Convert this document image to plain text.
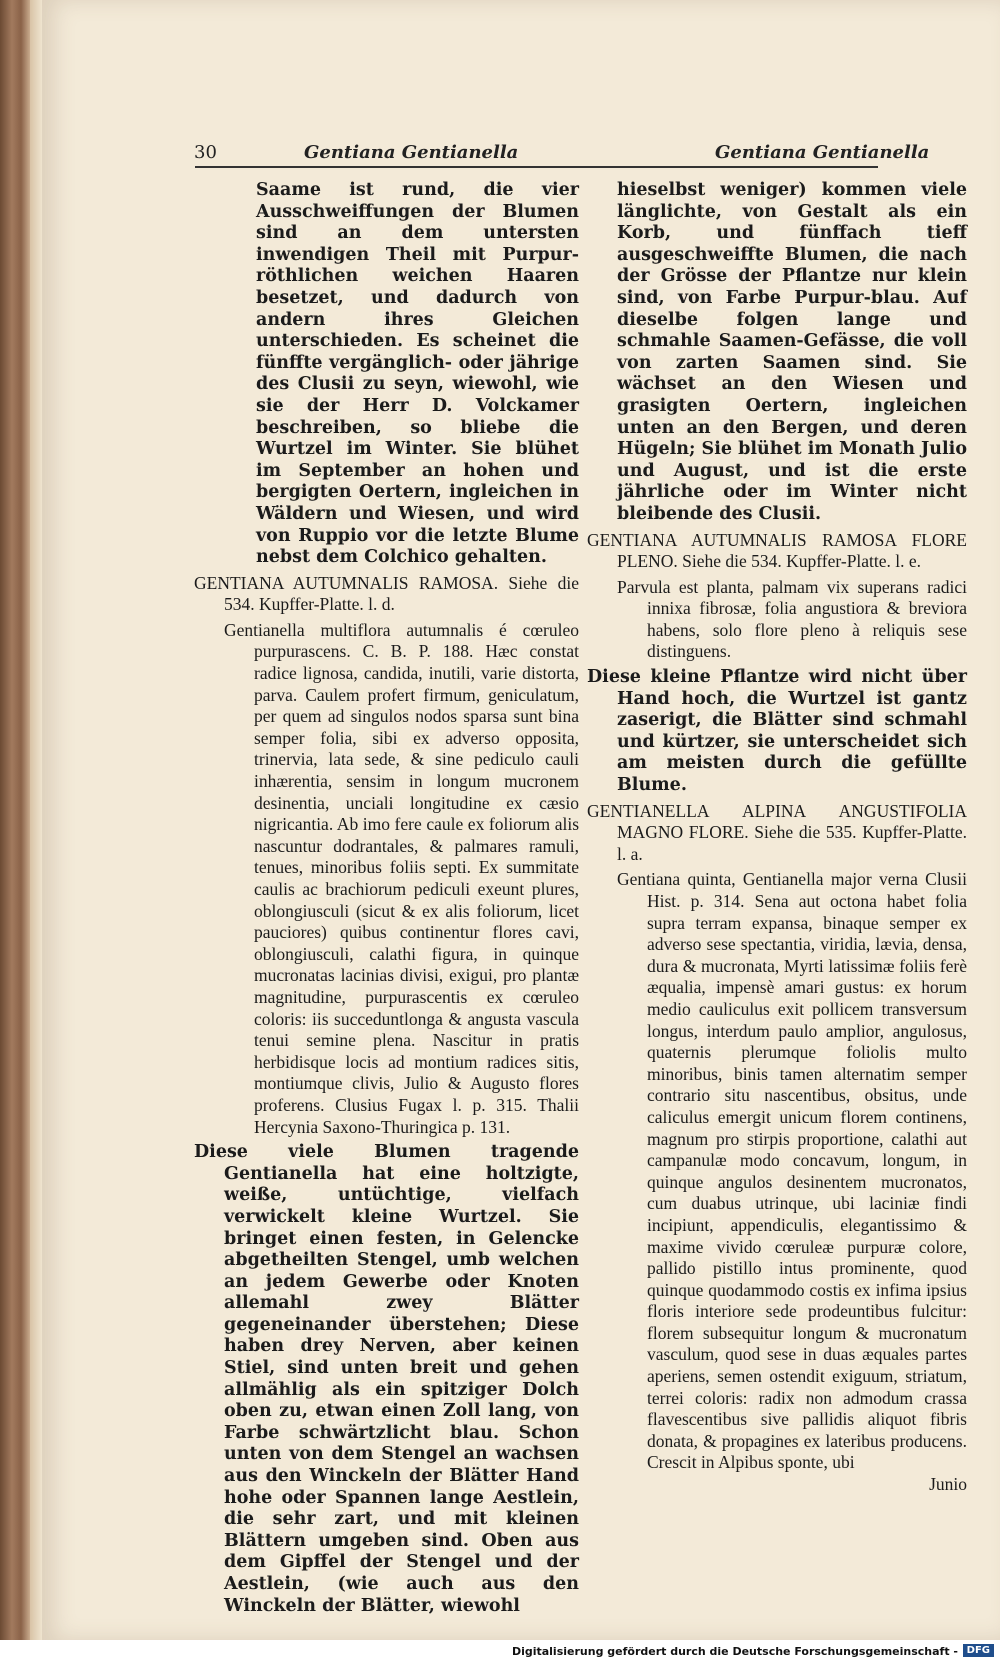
30	Gentiana Gentianella	Gentiana Gentianella

Saame ist rund, die vier Ausschweiffungen der Blumen sind an dem untersten inwendigen Theil mit Purpur-röthlichen weichen Haaren besetzet, und dadurch von andern ihres Gleichen unterschieden. Es scheinet die fünffte vergänglich- oder jährige des Clusii zu seyn, wiewohl, wie sie der Herr D. Volckamer beschreiben, so bliebe die Wurtzel im Winter. Sie blühet im September an hohen und bergigten Oertern, ingleichen in Wäldern und Wiesen, und wird von Ruppio vor die letzte Blume nebst dem Colchico gehalten.

GENTIANA AUTUMNALIS RAMOSA. Siehe die 534. Kupffer-Platte. l. d.

Gentianella multiflora autumnalis é cœruleo purpurascens. C. B. P. 188. Hæc constat radice lignosa, candida, inutili, varie distorta, parva. Caulem profert firmum, geniculatum, per quem ad singulos nodos sparsa sunt bina semper folia, sibi ex adverso opposita, trinervia, lata sede, & sine pediculo cauli inhærentia, sensim in longum mucronem desinentia, unciali longitudine ex cæsio nigricantia. Ab imo fere caule ex foliorum alis nascuntur dodrantales, & palmares ramuli, tenues, minoribus foliis septi. Ex summitate caulis ac brachiorum pediculi exeunt plures, oblongiusculi (sicut & ex alis foliorum, licet pauciores) quibus continentur flores cavi, oblongiusculi, calathi figura, in quinque mucronatas lacinias divisi, exigui, pro plantæ magnitudine, purpurascentis ex cœruleo coloris: iis succeduntlonga & angusta vascula tenui semine plena. Nascitur in pratis herbidisque locis ad montium radices sitis, montiumque clivis, Julio & Augusto flores proferens. Clusius Fugax l. p. 315. Thalii Hercynia Saxono-Thuringica p. 131.

Diese viele Blumen tragende Gentianella hat eine holtzigte, weiße, untüchtige, vielfach verwickelt kleine Wurtzel. Sie bringet einen festen, in Gelencke abgetheilten Stengel, umb welchen an jedem Gewerbe oder Knoten allemahl zwey Blätter gegeneinander überstehen; Diese haben drey Nerven, aber keinen Stiel, sind unten breit und gehen allmählig als ein spitziger Dolch oben zu, etwan einen Zoll lang, von Farbe schwärtzlicht blau. Schon unten von dem Stengel an wachsen aus den Winckeln der Blätter Hand hohe oder Spannen lange Aestlein, die sehr zart, und mit kleinen Blättern umgeben sind. Oben aus dem Gipffel der Stengel und der Aestlein, (wie auch aus den Winckeln der Blätter, wiewohl

hieselbst weniger) kommen viele länglichte, von Gestalt als ein Korb, und fünffach tieff ausgeschweiffte Blumen, die nach der Grösse der Pflantze nur klein sind, von Farbe Purpur-blau. Auf dieselbe folgen lange und schmahle Saamen-Gefässe, die voll von zarten Saamen sind. Sie wächset an den Wiesen und grasigten Oertern, ingleichen unten an den Bergen, und deren Hügeln; Sie blühet im Monath Julio und August, und ist die erste jährliche oder im Winter nicht bleibende des Clusii.

GENTIANA AUTUMNALIS RAMOSA FLORE PLENO. Siehe die 534. Kupffer-Platte. l. e.

Parvula est planta, palmam vix superans radici innixa fibrosæ, folia angustiora & breviora habens, solo flore pleno à reliquis sese distinguens.

Diese kleine Pflantze wird nicht über Hand hoch, die Wurtzel ist gantz zaserigt, die Blätter sind schmahl und kürtzer, sie unterscheidet sich am meisten durch die gefüllte Blume.

GENTIANELLA ALPINA ANGUSTIFOLIA MAGNO FLORE. Siehe die 535. Kupffer-Platte. l. a.

Gentiana quinta, Gentianella major verna Clusii Hist. p. 314. Sena aut octona habet folia supra terram expansa, binaque semper ex adverso sese spectantia, viridia, lævia, densa, dura & mucronata, Myrti latissimæ foliis ferè æqualia, impensè amari gustus: ex horum medio cauliculus exit pollicem transversum longus, interdum paulo amplior, angulosus, quaternis plerumque foliolis multo minoribus, binis tamen alternatim semper contrario situ nascentibus, obsitus, unde caliculus emergit unicum florem continens, magnum pro stirpis proportione, calathi aut campanulæ modo concavum, longum, in quinque angulos desinentem mucronatos, cum duabus utrinque, ubi laciniæ findi incipiunt, appendiculis, elegantissimo & maxime vivido cœruleæ purpuræ colore, pallido pistillo intus prominente, quod quinque quodammodo costis ex infima ipsius floris interiore sede prodeuntibus fulcitur: florem subsequitur longum & mucronatum vasculum, quod sese in duas æquales partes aperiens, semen ostendit exiguum, striatum, terrei coloris: radix non admodum crassa flavescentibus sive pallidis aliquot fibris donata, & propagines ex lateribus producens. Crescit in Alpibus sponte, ubi

Junio

Digitalisierung gefördert durch die Deutsche Forschungsgemeinschaft - DFG
